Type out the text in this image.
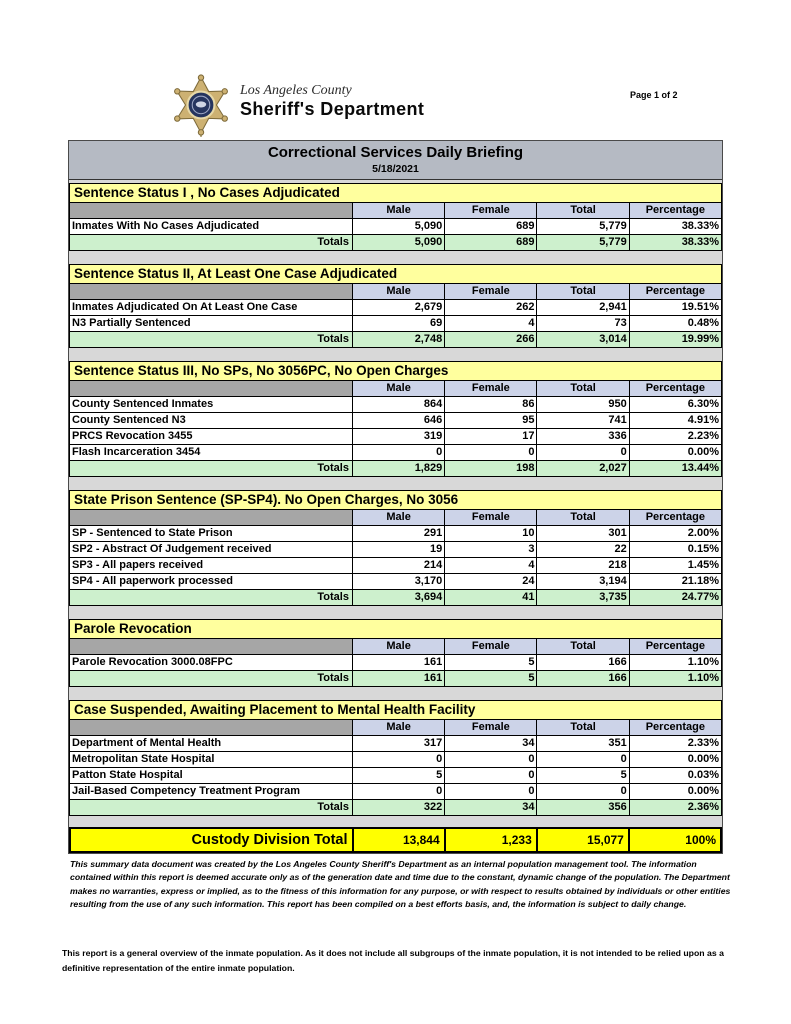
Los Angeles County
Sheriff's Department
Page 1 of 2
Correctional Services Daily Briefing
5/18/2021
Sentence Status I , No Cases Adjudicated
	Male	Female	Total	Percentage
Inmates With No Cases Adjudicated	5,090	689	5,779	38.33%
Totals	5,090	689	5,779	38.33%
Sentence Status II, At Least One Case Adjudicated
	Male	Female	Total	Percentage
Inmates Adjudicated On At Least One Case	2,679	262	2,941	19.51%
N3 Partially Sentenced	69	4	73	0.48%
Totals	2,748	266	3,014	19.99%
Sentence Status III, No SPs, No 3056PC, No Open Charges
	Male	Female	Total	Percentage
County Sentenced Inmates	864	86	950	6.30%
County Sentenced N3	646	95	741	4.91%
PRCS Revocation 3455	319	17	336	2.23%
Flash Incarceration 3454	0	0	0	0.00%
Totals	1,829	198	2,027	13.44%
State Prison Sentence (SP-SP4). No Open Charges, No 3056
	Male	Female	Total	Percentage
SP - Sentenced to State Prison	291	10	301	2.00%
SP2 - Abstract Of Judgement received	19	3	22	0.15%
SP3 - All papers received	214	4	218	1.45%
SP4 - All paperwork processed	3,170	24	3,194	21.18%
Totals	3,694	41	3,735	24.77%
Parole Revocation
	Male	Female	Total	Percentage
Parole Revocation 3000.08FPC	161	5	166	1.10%
Totals	161	5	166	1.10%
Case Suspended, Awaiting Placement to Mental Health Facility
	Male	Female	Total	Percentage
Department of Mental Health	317	34	351	2.33%
Metropolitan State Hospital	0	0	0	0.00%
Patton State Hospital	5	0	5	0.03%
Jail-Based Competency Treatment Program	0	0	0	0.00%
Totals	322	34	356	2.36%
Custody Division Total	13,844	1,233	15,077	100%
This summary data document was created by the Los Angeles County Sheriff's Department as an internal population management tool. The information contained within this report is deemed accurate only as of the generation date and time due to the constant, dynamic change of the population. The Department makes no warranties, express or implied, as to the fitness of this information for any purpose, or with respect to results obtained by individuals or other entities resulting from the use of any such information. This report has been compiled on a best efforts basis, and, the information is subject to daily change.
This report is a general overview of the inmate population. As it does not include all subgroups of the inmate population, it is not intended to be relied upon as a definitive representation of the entire inmate population.
